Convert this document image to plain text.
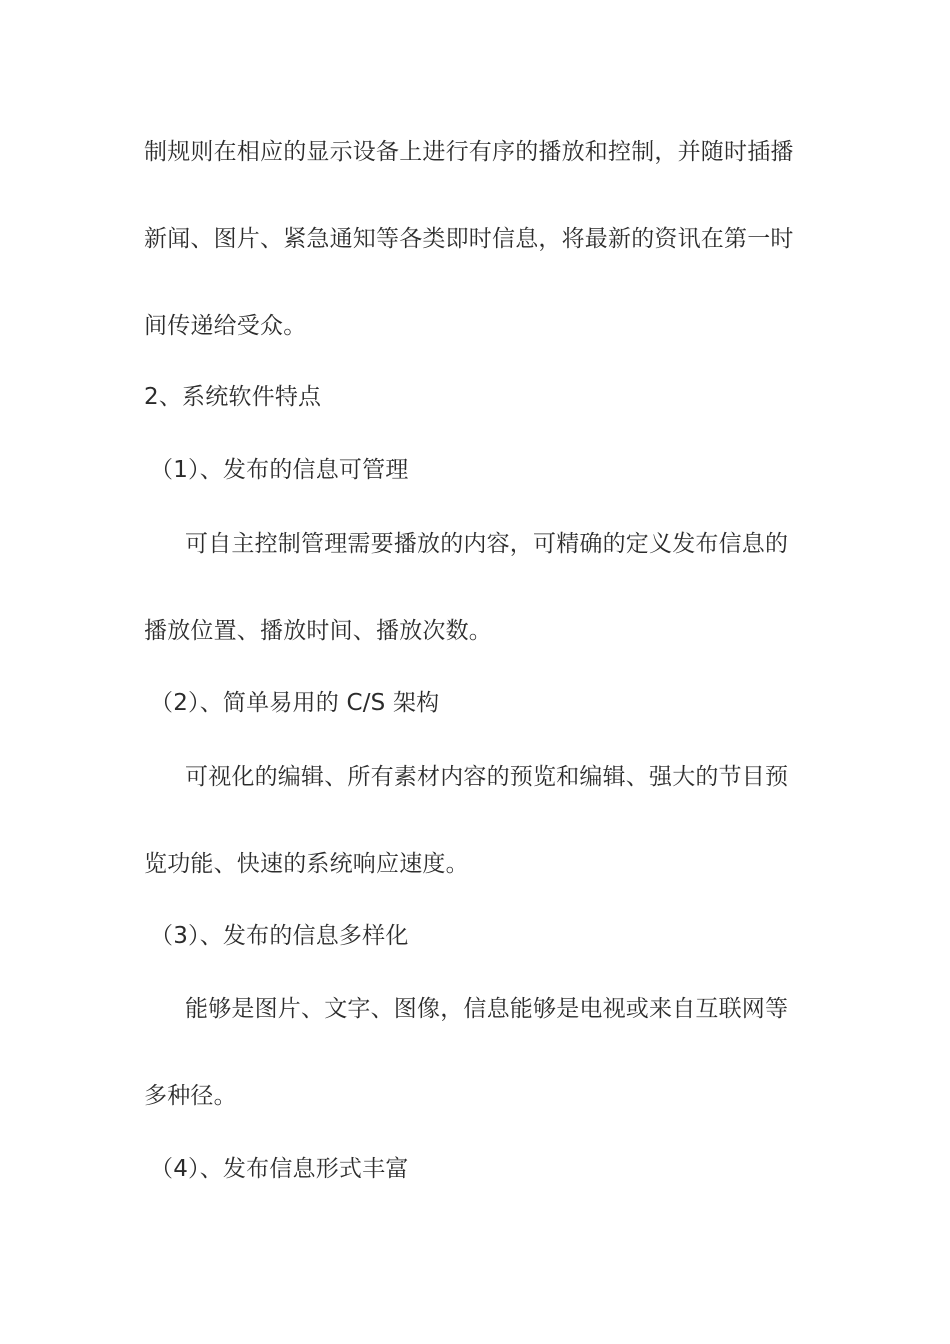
制规则在相应的显示设备上进行有序的播放和控制，并随时插播
新闻、图片、紧急通知等各类即时信息，将最新的资讯在第一时
间传递给受众。
2、系统软件特点
（1）、发布的信息可管理
可自主控制管理需要播放的内容，可精确的定义发布信息的
播放位置、播放时间、播放次数。
（2）、简单易用的 C/S 架构
可视化的编辑、所有素材内容的预览和编辑、强大的节目预
览功能、快速的系统响应速度。
（3）、发布的信息多样化
能够是图片、文字、图像，信息能够是电视或来自互联网等
多种径。
（4）、发布信息形式丰富
